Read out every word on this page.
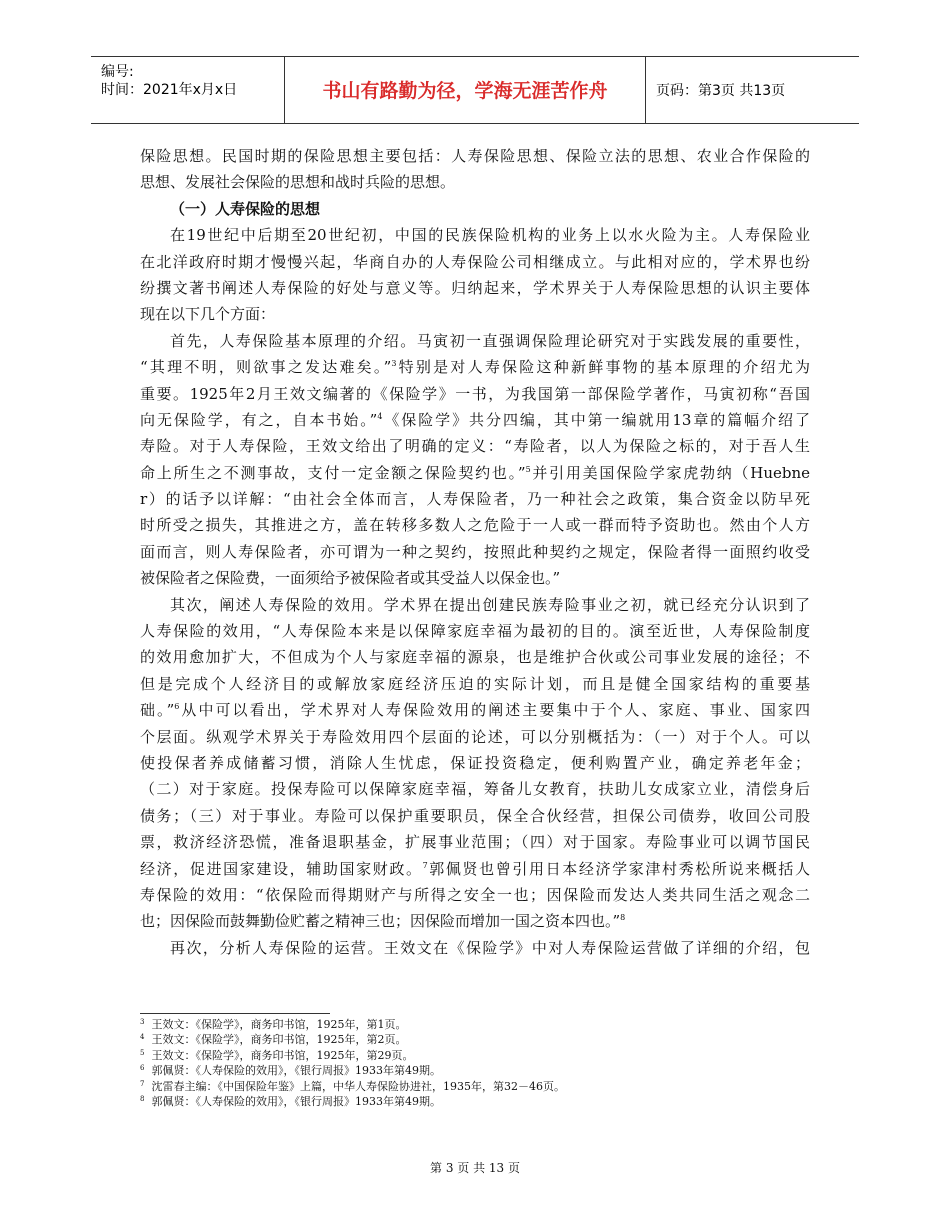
编号:
时间：2021年x月x日	书山有路勤为径，学海无涯苦作舟	页码：第3页 共13页
保险思想。民国时期的保险思想主要包括：人寿保险思想、保险立法的思想、农业合作保险的
思想、发展社会保险的思想和战时兵险的思想。
（一）人寿保险的思想
在19世纪中后期至20世纪初，中国的民族保险机构的业务上以水火险为主。人寿保险业
在北洋政府时期才慢慢兴起，华商自办的人寿保险公司相继成立。与此相对应的，学术界也纷
纷撰文著书阐述人寿保险的好处与意义等。归纳起来，学术界关于人寿保险思想的认识主要体
现在以下几个方面：
首先，人寿保险基本原理的介绍。马寅初一直强调保险理论研究对于实践发展的重要性，
“其理不明，则欲事之发达难矣。”$^3$特别是对人寿保险这种新鲜事物的基本原理的介绍尤为
重要。1925年2月王效文编著的《保险学》一书，为我国第一部保险学著作，马寅初称“吾国
向无保险学，有之，自本书始。”$^4$《保险学》共分四编，其中第一编就用13章的篇幅介绍了
寿险。对于人寿保险，王效文给出了明确的定义：“寿险者，以人为保险之标的，对于吾人生
命上所生之不测事故，支付一定金额之保险契约也。”$^5$并引用美国保险学家虎勃纳（Huebne
r）的话予以详解：“由社会全体而言，人寿保险者，乃一种社会之政策，集合资金以防早死
时所受之损失，其推进之方，盖在转移多数人之危险于一人或一群而特予资助也。然由个人方
面而言，则人寿保险者，亦可谓为一种之契约，按照此种契约之规定，保险者得一面照约收受
被保险者之保险费，一面须给予被保险者或其受益人以保金也。”
其次，阐述人寿保险的效用。学术界在提出创建民族寿险事业之初，就已经充分认识到了
人寿保险的效用，“人寿保险本来是以保障家庭幸福为最初的目的。演至近世，人寿保险制度
的效用愈加扩大，不但成为个人与家庭幸福的源泉，也是维护合伙或公司事业发展的途径；不
但是完成个人经济目的或解放家庭经济压迫的实际计划，而且是健全国家结构的重要基
础。”$^6$从中可以看出，学术界对人寿保险效用的阐述主要集中于个人、家庭、事业、国家四
个层面。纵观学术界关于寿险效用四个层面的论述，可以分别概括为：（一）对于个人。可以
使投保者养成储蓄习惯，消除人生忧虑，保证投资稳定，便利购置产业，确定养老年金；
（二）对于家庭。投保寿险可以保障家庭幸福，筹备儿女教育，扶助儿女成家立业，清偿身后
债务；（三）对于事业。寿险可以保护重要职员，保全合伙经营，担保公司债券，收回公司股
票，救济经济恐慌，准备退职基金，扩展事业范围；（四）对于国家。寿险事业可以调节国民
经济，促进国家建设，辅助国家财政。$^7$郭佩贤也曾引用日本经济学家津村秀松所说来概括人
寿保险的效用：“依保险而得期财产与所得之安全一也；因保险而发达人类共同生活之观念二
也；因保险而鼓舞勤俭贮蓄之精神三也；因保险而增加一国之资本四也。”$^8$
再次，分析人寿保险的运营。王效文在《保险学》中对人寿保险运营做了详细的介绍，包
$^3$ 王效文：《保险学》，商务印书馆，1925年，第1页。
$^4$ 王效文：《保险学》，商务印书馆，1925年，第2页。
$^5$ 王效文：《保险学》，商务印书馆，1925年，第29页。
$^6$ 郭佩贤：《人寿保险的效用》，《银行周报》1933年第49期。
$^7$ 沈雷春主编：《中国保险年鉴》上篇，中华人寿保险协进社，1935年，第32－46页。
$^8$ 郭佩贤：《人寿保险的效用》，《银行周报》1933年第49期。
第 3 页 共 13 页
